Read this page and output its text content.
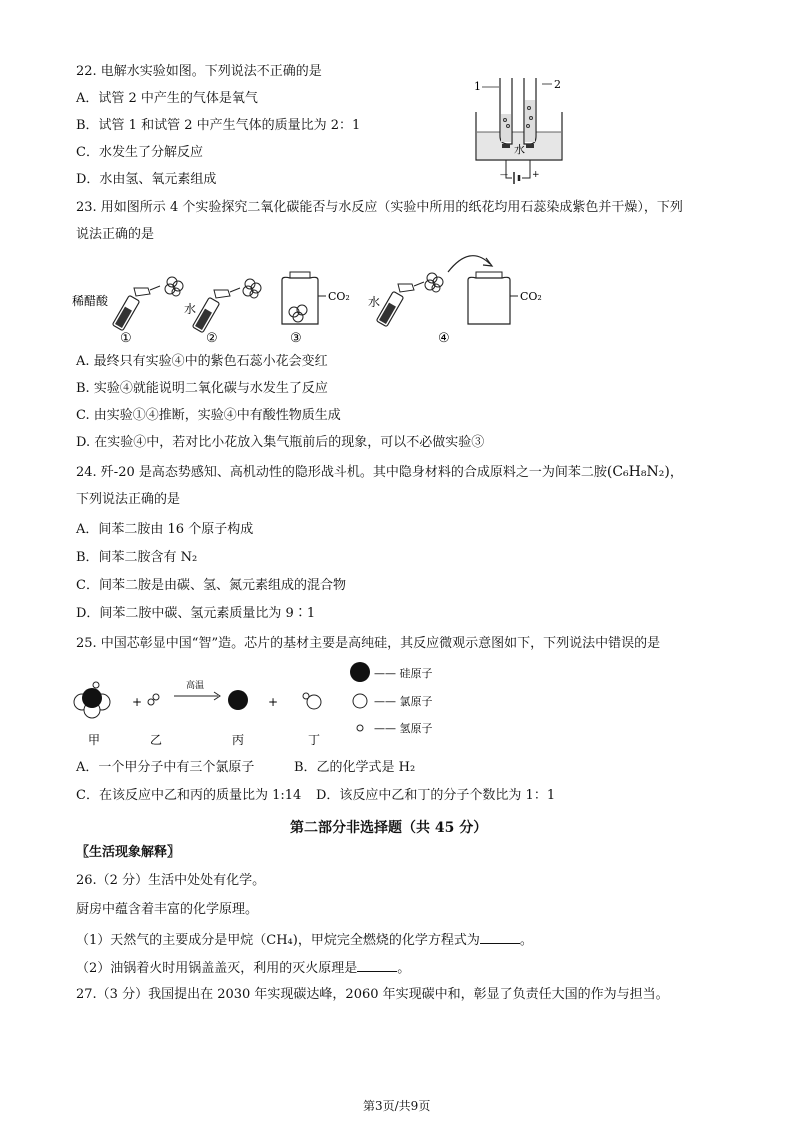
22. 电解水实验如图。下列说法不正确的是
A．试管 2 中产生的气体是氧气
B．试管 1 和试管 2 中产生气体的质量比为 2：1
C．水发生了分解反应
D．水由氢、氧元素组成
1	2
水
—	+
23. 用如图所示 4 个实验探究二氧化碳能否与水反应（实验中所用的纸花均用石蕊染成紫色并干燥），下列
说法正确的是
稀醋酸
①
水
②
CO₂
③
水	CO₂
④
A. 最终只有实验④中的紫色石蕊小花会变红
B. 实验④就能说明二氧化碳与水发生了反应
C. 由实验①④推断，实验④中有酸性物质生成
D. 在实验④中，若对比小花放入集气瓶前后的现象，可以不必做实验③
24. 歼-20 是高态势感知、高机动性的隐形战斗机。其中隐身材料的合成原料之一为间苯二胺(C₆H₈N₂)，
下列说法正确的是
A．间苯二胺由 16 个原子构成
B．间苯二胺含有 N₂
C．间苯二胺是由碳、氢、氮元素组成的混合物
D．间苯二胺中碳、氢元素质量比为 9∶1
25. 中国芯彰显中国“智”造。芯片的基材主要是高纯硅，其反应微观示意图如下，下列说法中错误的是
+
高温
+
甲	乙	丙	丁
—— 硅原子
—— 氯原子
—— 氢原子
A．一个甲分子中有三个氯原子	B．乙的化学式是 H₂
C．在该反应中乙和丙的质量比为 1:14 D．该反应中乙和丁的分子个数比为 1：1
第二部分非选择题（共 45 分）
〖生活现象解释〗
26.（2 分）生活中处处有化学。
厨房中蕴含着丰富的化学原理。
（1）天然气的主要成分是甲烷（CH₄)，甲烷完全燃烧的化学方程式为	。
（2）油锅着火时用锅盖盖灭，利用的灭火原理是	。
27.（3 分）我国提出在 2030 年实现碳达峰，2060 年实现碳中和，彰显了负责任大国的作为与担当。
第3页/共9页
